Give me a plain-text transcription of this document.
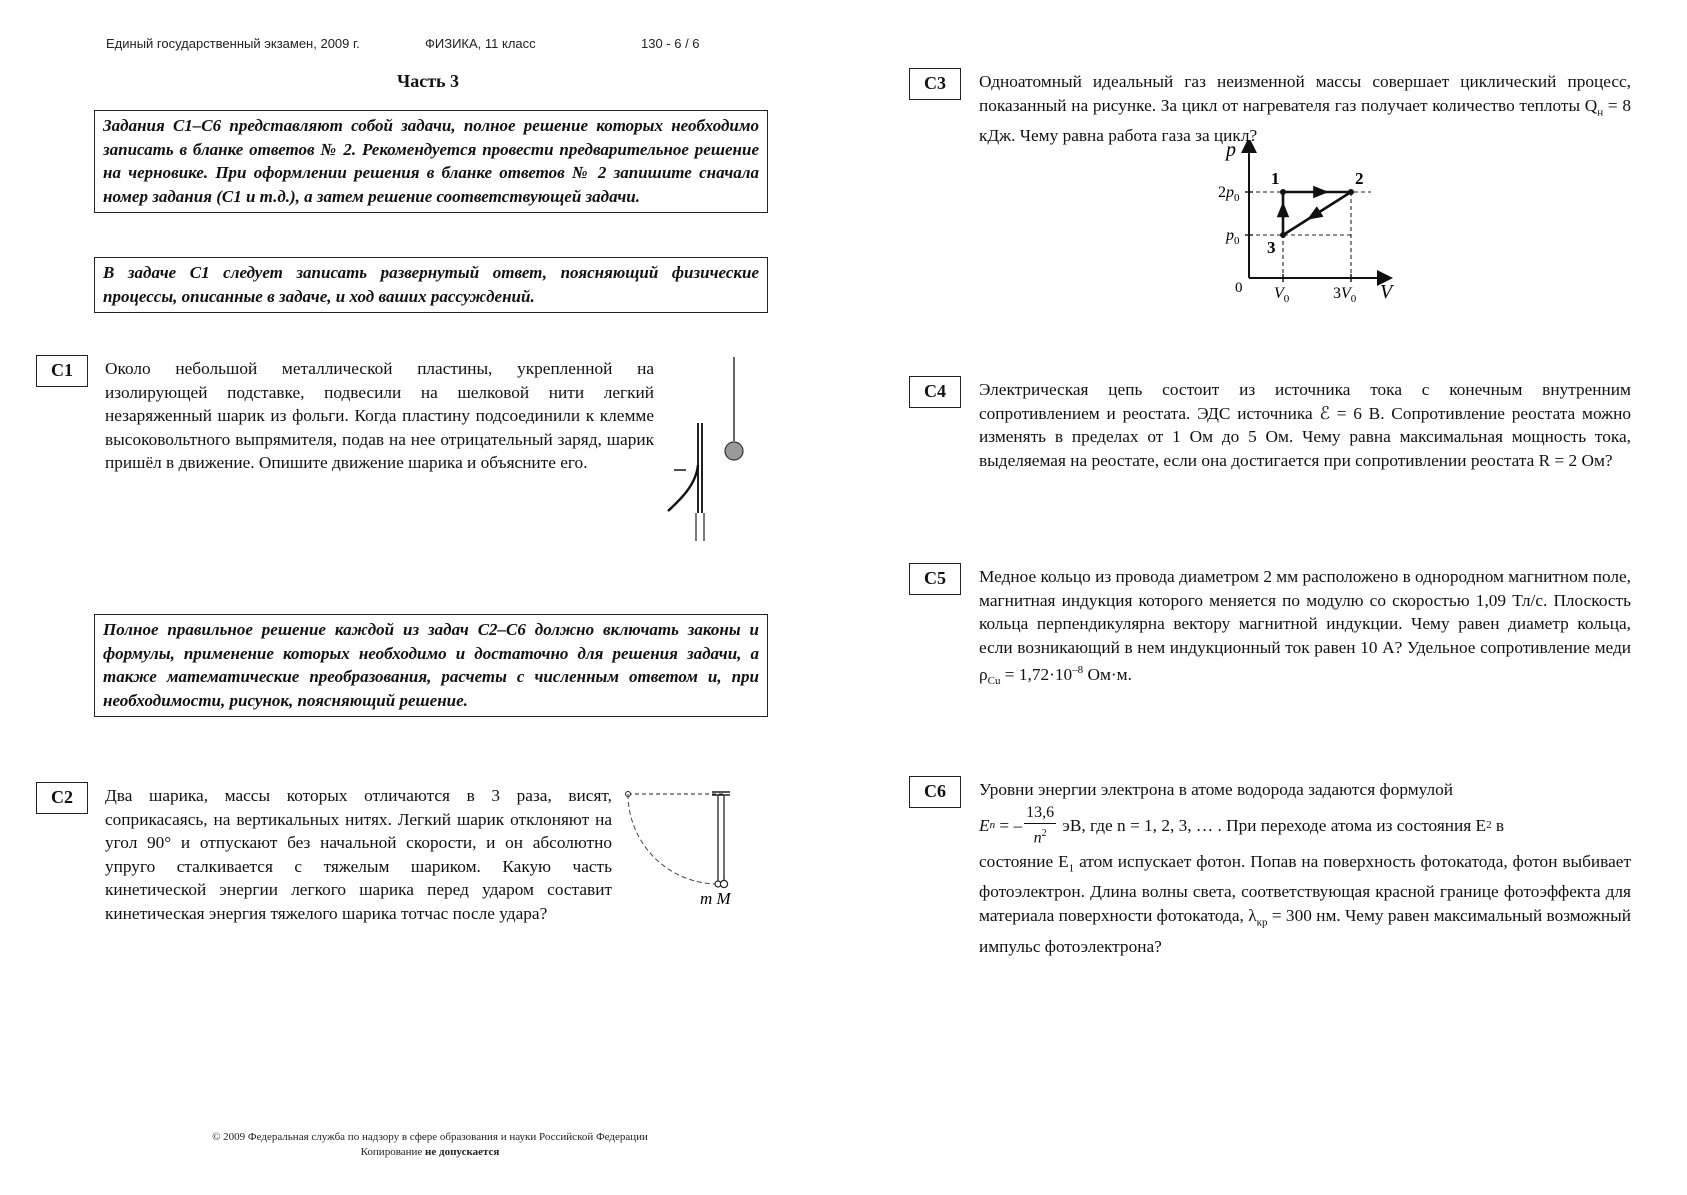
Единый государственный экзамен, 2009 г.	ФИЗИКА, 11 класс	130 - 6 / 6
Часть 3
Задания С1–С6 представляют собой задачи, полное решение которых необходимо записать в бланке ответов № 2. Рекомендуется провести предварительное решение на черновике. При оформлении решения в бланке ответов № 2 запишите сначала номер задания (С1 и т.д.), а затем решение соответствующей задачи.
В задаче С1 следует записать развернутый ответ, поясняющий физические процессы, описанные в задаче, и ход ваших рассуждений.
Полное правильное решение каждой из задач С2–С6 должно включать законы и формулы, применение которых необходимо и достаточно для решения задачи, а также математические преобразования, расчеты с численным ответом и, при необходимости, рисунок, поясняющий решение.
С1	Около небольшой металлической пластины, укрепленной на изолирующей подставке, подвесили на шелковой нити легкий незаряженный шарик из фольги. Когда пластину подсоединили к клемме высоковольтного выпрямителя, подав на нее отрицательный заряд, шарик пришёл в движение. Опишите движение шарика и объясните его.
С2	Два шарика, массы которых отличаются в 3 раза, висят, соприкасаясь, на вертикальных нитях. Легкий шарик отклоняют на угол 90° и отпускают без начальной скорости, и он абсолютно упруго сталкивается с тяжелым шариком. Какую часть кинетической энергии легкого шарика перед ударом составит кинетическая энергия тяжелого шарика тотчас после удара?
m M
С3	Одноатомный идеальный газ неизменной массы совершает циклический процесс, показанный на рисунке. За цикл от нагревателя газ получает количество теплоты $Q_н = 8$ кДж. Чему равна работа газа за цикл?
1	2
3
$2p_0$
$p_0$
$V_0$	$3V_0$
p
V
0
С4	Электрическая цепь состоит из источника тока с конечным внутренним сопротивлением и реостата. ЭДС источника ℰ = 6 В. Сопротивление реостата можно изменять в пределах от 1 Ом до 5 Ом. Чему равна максимальная мощность тока, выделяемая на реостате, если она достигается при сопротивлении реостата R = 2 Ом?
С5	Медное кольцо из провода диаметром 2 мм расположено в однородном магнитном поле, магнитная индукция которого меняется по модулю со скоростью 1,09 Тл/с. Плоскость кольца перпендикулярна вектору магнитной индукции. Чему равен диаметр кольца, если возникающий в нем индукционный ток равен 10 А? Удельное сопротивление меди $\rho_{Cu} = 1,72\cdot 10^{-8}$ Ом·м.
С6	Уровни энергии электрона в атоме водорода задаются формулой
E n = –
13,6
$n^2$ эВ, где n = 1, 2, 3, … . При переходе атома из состояния E 2 в
состояние $E_1$ атом испускает фотон. Попав на поверхность фотокатода, фотон выбивает фотоэлектрон. Длина волны света, соответствующая красной границе фотоэффекта для материала поверхности фотокатода, $\lambda_{кр} = 300$ нм. Чему равен максимальный возможный импульс фотоэлектрона?
© 2009 Федеральная служба по надзору в сфере образования и науки Российской Федерации
Копирование не допускается
